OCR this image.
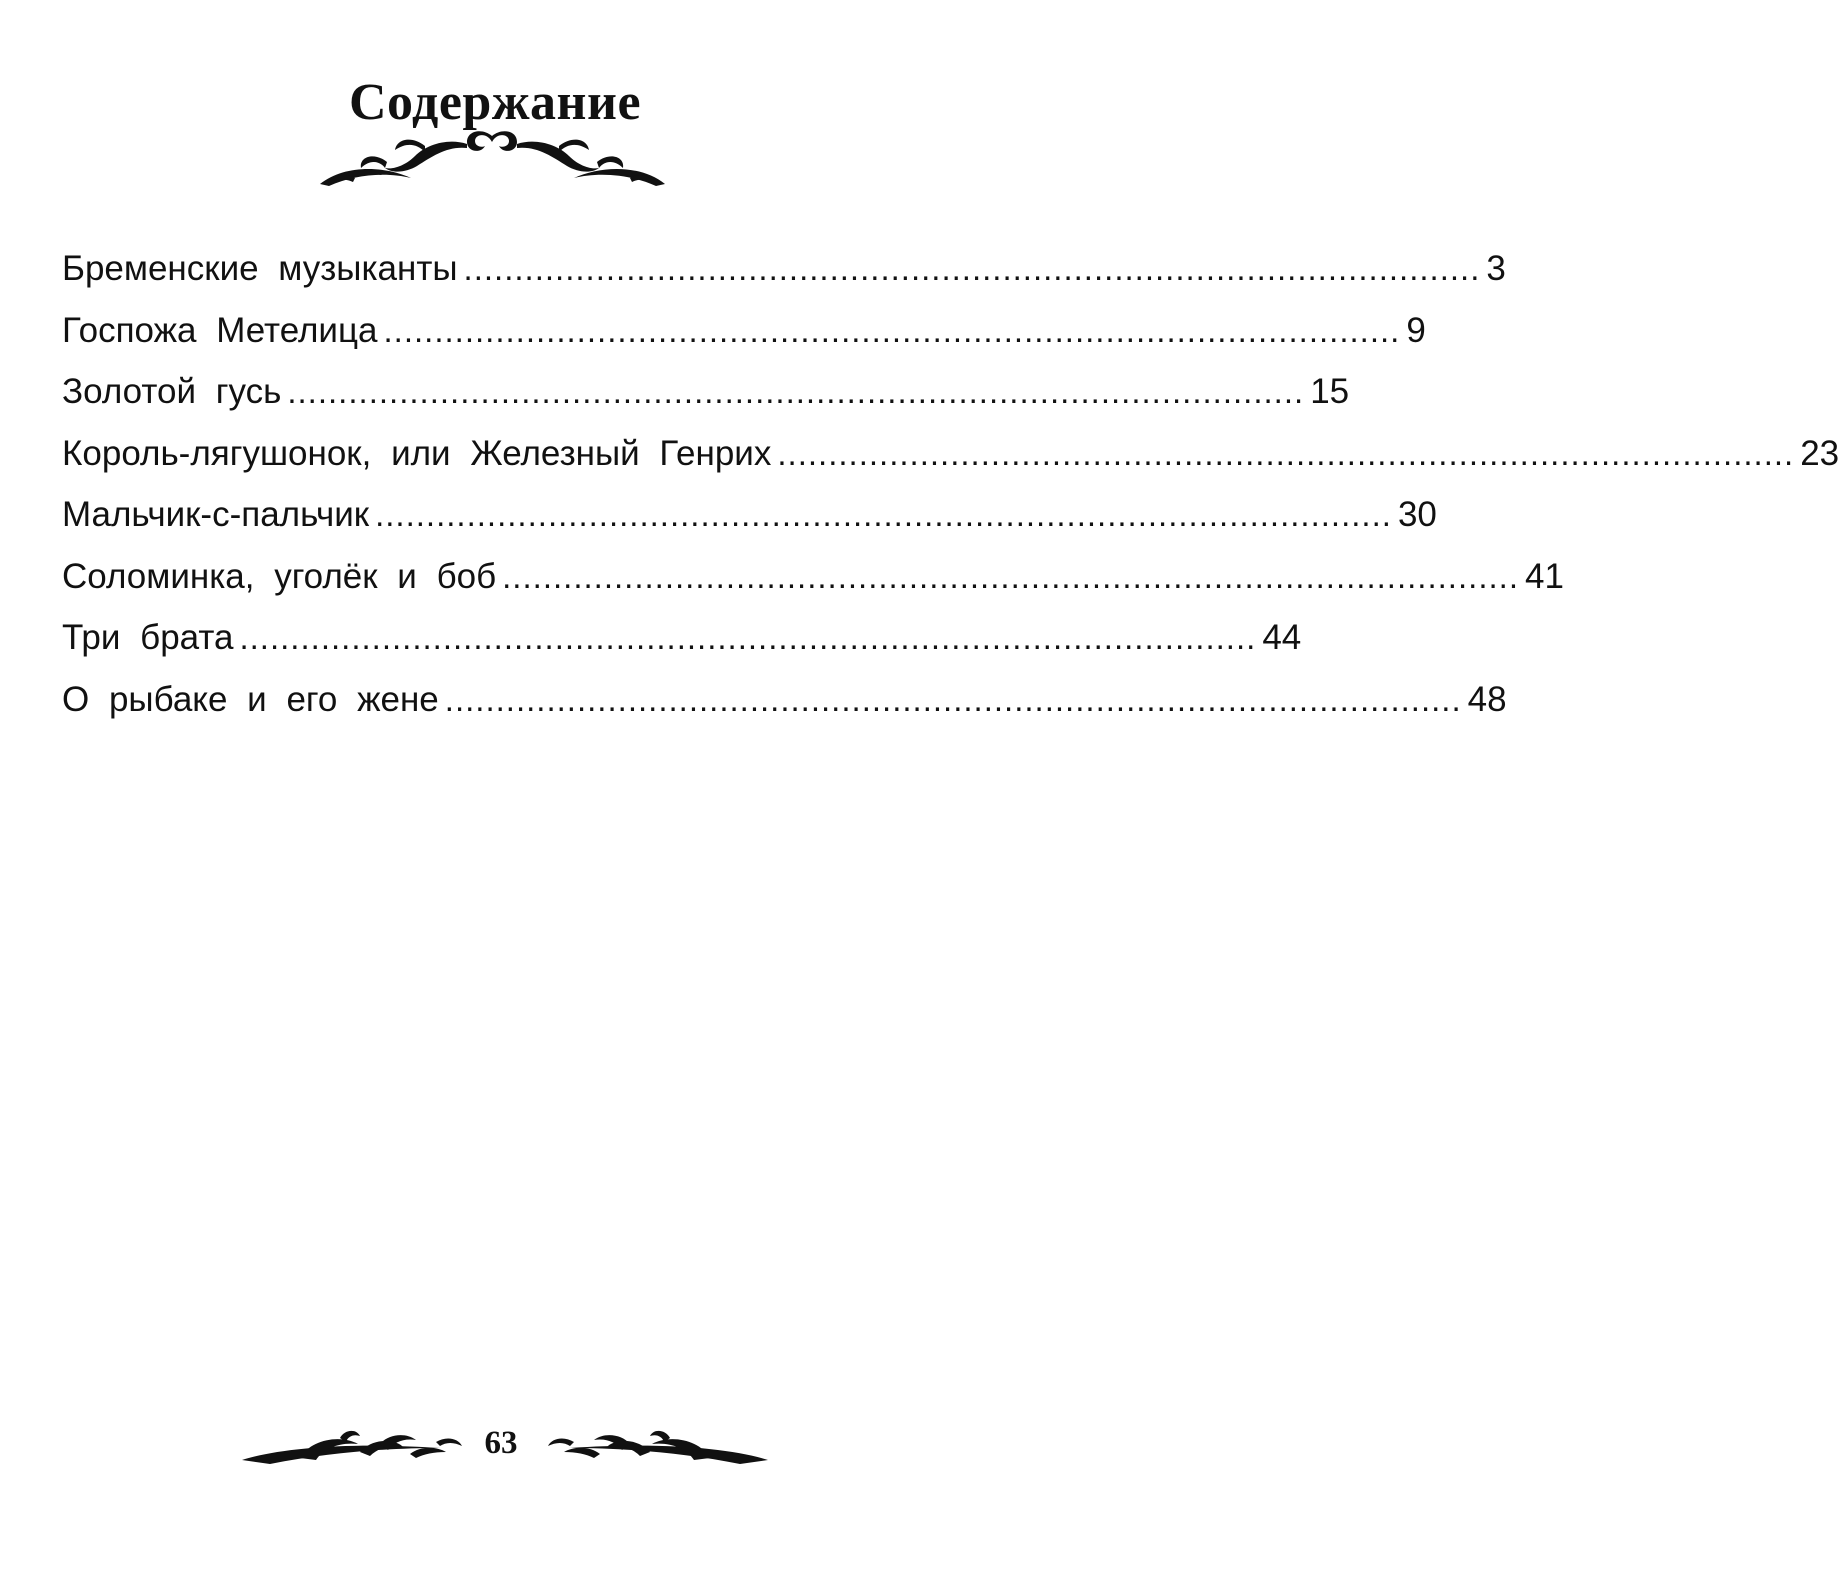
Содержание
Бременские музыканты .................................................................................................... 3
Госпожа Метелица .................................................................................................... 9
Золотой гусь .................................................................................................... 15
Король-лягушонок, или Железный Генрих .................................................................................................... 23
Мальчик-с-пальчик .................................................................................................... 30
Соломинка, уголёк и боб .................................................................................................... 41
Три брата .................................................................................................... 44
О рыбаке и его жене .................................................................................................... 48
63
